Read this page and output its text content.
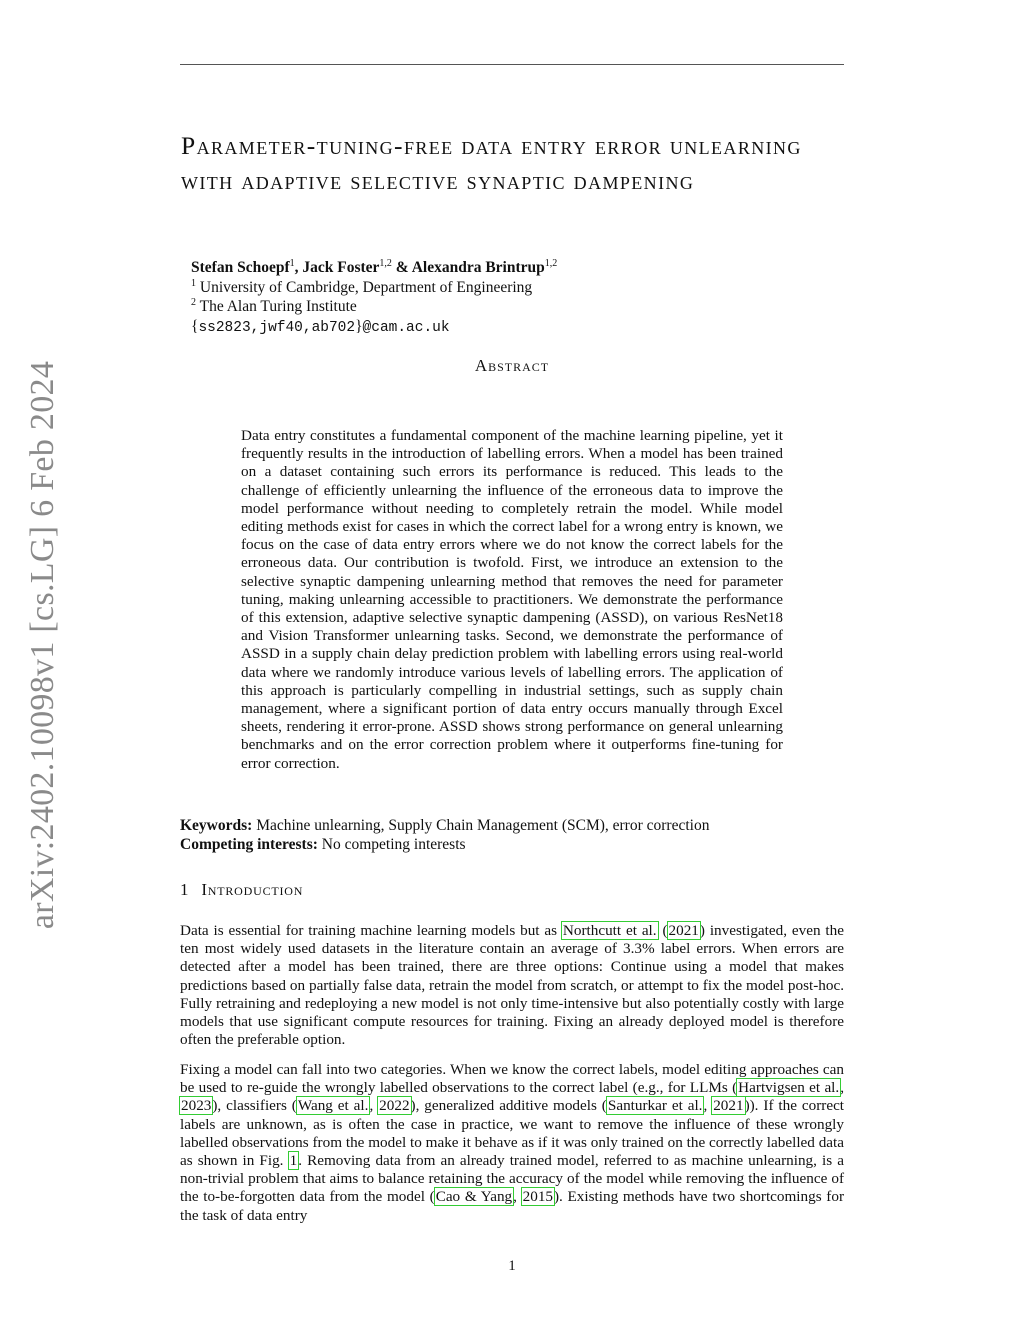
arXiv:2402.10098v1 [cs.LG] 6 Feb 2024
Parameter-tuning-free data entry error unlearning with adaptive selective synaptic dampening
Stefan Schoepf$^1$, Jack Foster$^{1,2}$ & Alexandra Brintrup$^{1,2}$
$^1$ University of Cambridge, Department of Engineering
$^2$ The Alan Turing Institute
{ss2823,jwf40,ab702}@cam.ac.uk
Abstract
Data entry constitutes a fundamental component of the machine learning pipeline, yet it frequently results in the introduction of labelling errors. When a model has been trained on a dataset containing such errors its performance is reduced. This leads to the challenge of efficiently unlearning the influence of the erroneous data to improve the model performance without needing to completely retrain the model. While model editing methods exist for cases in which the correct label for a wrong entry is known, we focus on the case of data entry errors where we do not know the correct labels for the erroneous data. Our contribution is twofold. First, we introduce an extension to the selective synaptic dampening unlearning method that removes the need for parameter tuning, making unlearning accessible to practitioners. We demonstrate the performance of this extension, adaptive selective synaptic dampening (ASSD), on various ResNet18 and Vision Transformer unlearning tasks. Second, we demonstrate the performance of ASSD in a supply chain delay prediction problem with labelling errors using real-world data where we randomly introduce various levels of labelling errors. The application of this approach is particularly compelling in industrial settings, such as supply chain management, where a significant portion of data entry occurs manually through Excel sheets, rendering it error-prone. ASSD shows strong performance on general unlearning benchmarks and on the error correction problem where it outperforms fine-tuning for error correction.
Keywords: Machine unlearning, Supply Chain Management (SCM), error correction
Competing interests: No competing interests
1 Introduction
Data is essential for training machine learning models but as Northcutt et al. (2021) investigated, even the ten most widely used datasets in the literature contain an average of 3.3% label errors. When errors are detected after a model has been trained, there are three options: Continue using a model that makes predictions based on partially false data, retrain the model from scratch, or attempt to fix the model post-hoc. Fully retraining and redeploying a new model is not only time-intensive but also potentially costly with large models that use significant compute resources for training. Fixing an already deployed model is therefore often the preferable option.
Fixing a model can fall into two categories. When we know the correct labels, model editing approaches can be used to re-guide the wrongly labelled observations to the correct label (e.g., for LLMs (Hartvigsen et al., 2023), classifiers (Wang et al., 2022), generalized additive models (Santurkar et al., 2021)). If the correct labels are unknown, as is often the case in practice, we want to remove the influence of these wrongly labelled observations from the model to make it behave as if it was only trained on the correctly labelled data as shown in Fig. 1. Removing data from an already trained model, referred to as machine unlearning, is a non-trivial problem that aims to balance retaining the accuracy of the model while removing the influence of the to-be-forgotten data from the model (Cao & Yang, 2015). Existing methods have two shortcomings for the task of data entry
1
